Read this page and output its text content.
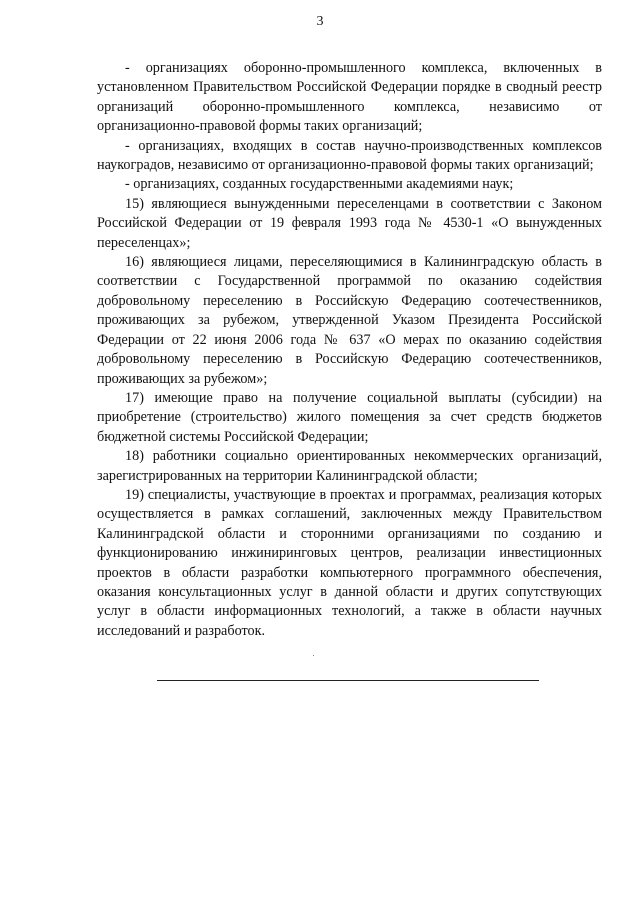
3

- организациях оборонно-промышленного комплекса, включенных в установленном Правительством Российской Федерации порядке в сводный реестр организаций оборонно-промышленного комплекса, независимо от организационно-правовой формы таких организаций;

- организациях, входящих в состав научно-производственных комплексов наукоградов, независимо от организационно-правовой формы таких организаций;

- организациях, созданных государственными академиями наук;

15) являющиеся вынужденными переселенцами в соответствии с Законом Российской Федерации от 19 февраля 1993 года № 4530-1 «О вынужденных переселенцах»;

16) являющиеся лицами, переселяющимися в Калининградскую область в соответствии с Государственной программой по оказанию содействия добровольному переселению в Российскую Федерацию соотечественников, проживающих за рубежом, утвержденной Указом Президента Российской Федерации от 22 июня 2006 года № 637 «О мерах по оказанию содействия добровольному переселению в Российскую Федерацию соотечественников, проживающих за рубежом»;

17) имеющие право на получение социальной выплаты (субсидии) на приобретение (строительство) жилого помещения за счет средств бюджетов бюджетной системы Российской Федерации;

18) работники социально ориентированных некоммерческих организаций, зарегистрированных на территории Калининградской области;

19) специалисты, участвующие в проектах и программах, реализация которых осуществляется в рамках соглашений, заключенных между Правительством Калининградской области и сторонними организациями по созданию и функционированию инжиниринговых центров, реализации инвестиционных проектов в области разработки компьютерного программного обеспечения, оказания консультационных услуг в данной области и других сопутствующих услуг в области информационных технологий, а также в области научных исследований и разработок.
